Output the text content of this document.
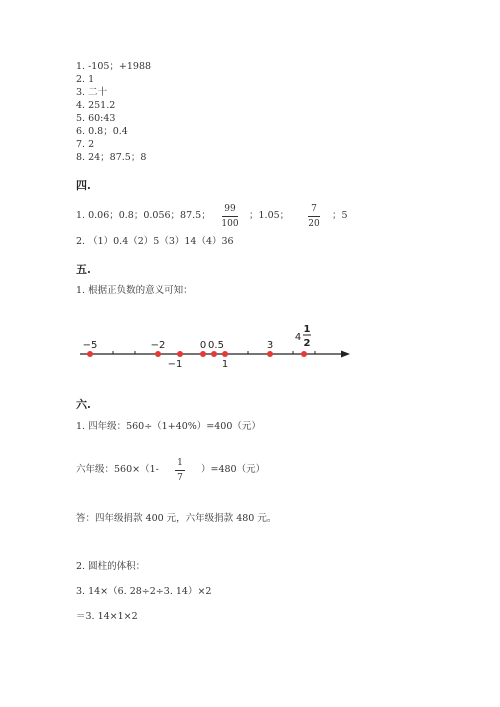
1. -105；+1988
2. 1
3. 二十
4. 251.2
5. 60:43
6. 0.8；0.4
7. 2
8. 24；87.5；8
四.
1. 0.06；0.8；0.056；87.5；
99
100
；1.05；
7
20
；5
2. （1）0.4（2）5（3）14（4）36
五.
1. 根据正负数的意义可知：
−5	−2	0 0.5	3
−1	1
4
1
2
六.
1. 四年级：560÷（1+40%）=400（元）
六年级：560×（1-
1
7
）=480（元）
答：四年级捐款 400 元，六年级捐款 480 元。
2. 圆柱的体积：
3. 14×（6. 28÷2÷3. 14）×2
＝3. 14×1×2
